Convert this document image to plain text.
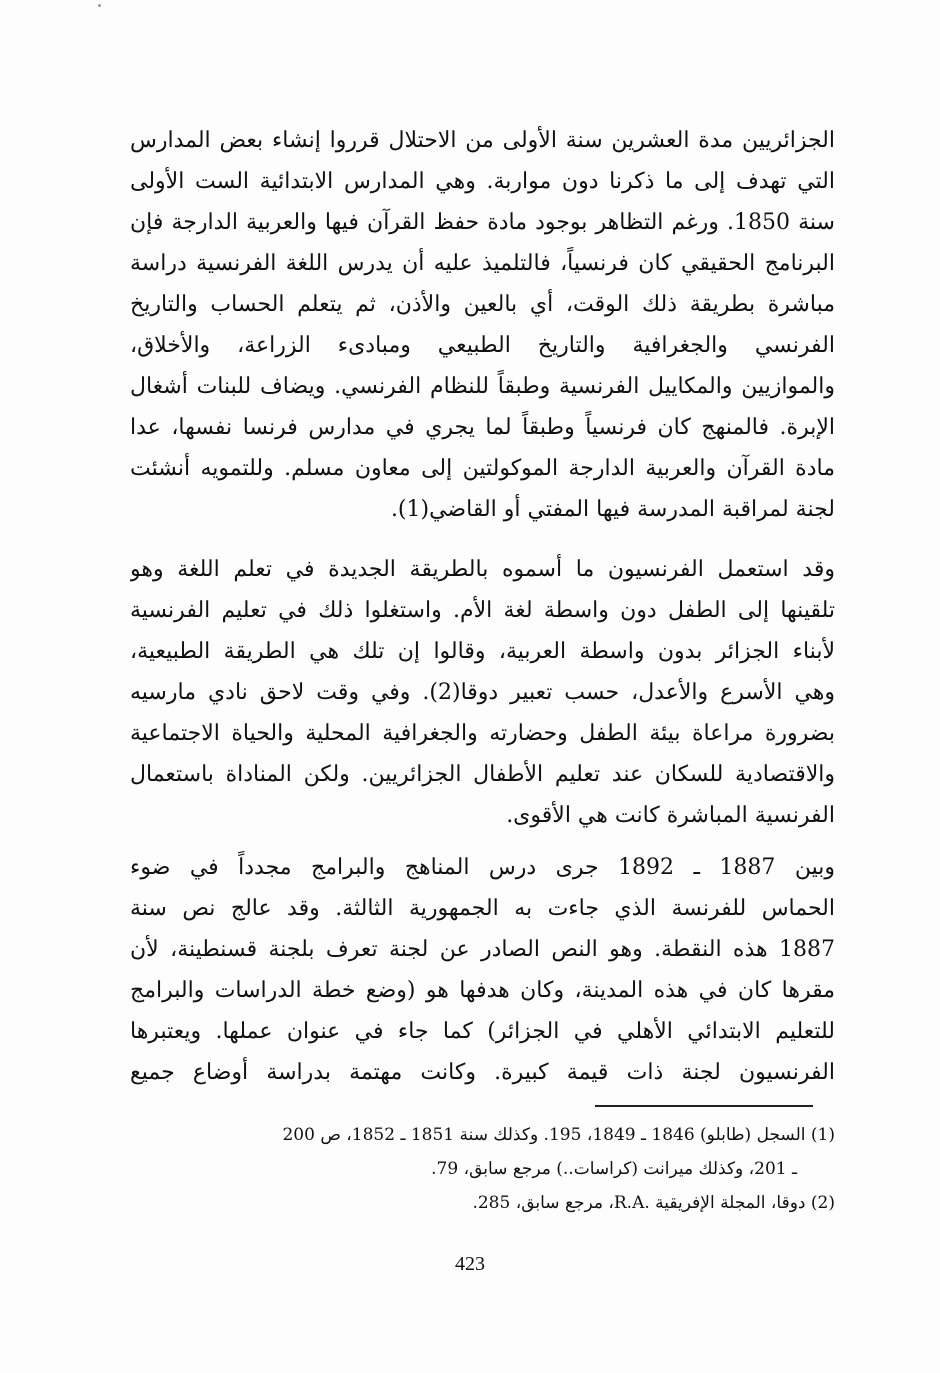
الجزائريين مدة العشرين سنة الأولى من الاحتلال قرروا إنشاء بعض المدارس
التي تهدف إلى ما ذكرنا دون مواربة. وهي المدارس الابتدائية الست الأولى
سنة 1850. ورغم التظاهر بوجود مادة حفظ القرآن فيها والعربية الدارجة فإن
البرنامج الحقيقي كان فرنسياً، فالتلميذ عليه أن يدرس اللغة الفرنسية دراسة
مباشرة بطريقة ذلك الوقت، أي بالعين والأذن، ثم يتعلم الحساب والتاريخ
الفرنسي والجغرافية والتاريخ الطبيعي ومبادىء الزراعة، والأخلاق،
والموازيين والمكاييل الفرنسية وطبقاً للنظام الفرنسي. ويضاف للبنات أشغال
الإبرة. فالمنهج كان فرنسياً وطبقاً لما يجري في مدارس فرنسا نفسها، عدا
مادة القرآن والعربية الدارجة الموكولتين إلى معاون مسلم. وللتمويه أنشئت
لجنة لمراقبة المدرسة فيها المفتي أو القاضي(1).
وقد استعمل الفرنسيون ما أسموه بالطريقة الجديدة في تعلم اللغة وهو
تلقينها إلى الطفل دون واسطة لغة الأم. واستغلوا ذلك في تعليم الفرنسية
لأبناء الجزائر بدون واسطة العربية، وقالوا إن تلك هي الطريقة الطبيعية،
وهي الأسرع والأعدل، حسب تعبير دوقا(2). وفي وقت لاحق نادي مارسيه
بضرورة مراعاة بيئة الطفل وحضارته والجغرافية المحلية والحياة الاجتماعية
والاقتصادية للسكان عند تعليم الأطفال الجزائريين. ولكن المناداة باستعمال
الفرنسية المباشرة كانت هي الأقوى.
وبين 1887 ـ 1892 جرى درس المناهج والبرامج مجدداً في ضوء
الحماس للفرنسة الذي جاءت به الجمهورية الثالثة. وقد عالج نص سنة
1887 هذه النقطة. وهو النص الصادر عن لجنة تعرف بلجنة قسنطينة، لأن
مقرها كان في هذه المدينة، وكان هدفها هو (وضع خطة الدراسات والبرامج
للتعليم الابتدائي الأهلي في الجزائر) كما جاء في عنوان عملها. ويعتبرها
الفرنسيون لجنة ذات قيمة كبيرة. وكانت مهتمة بدراسة أوضاع جميع
(1) السجل (طابلو) 1846 ـ 1849، 195. وكذلك سنة 1851 ـ 1852، ص 200
ـ 201، وكذلك ميرانت (كراسات..) مرجع سابق، 79.
(2) دوقا، المجلة الإفريقية .R.A، مرجع سابق، 285.
423
